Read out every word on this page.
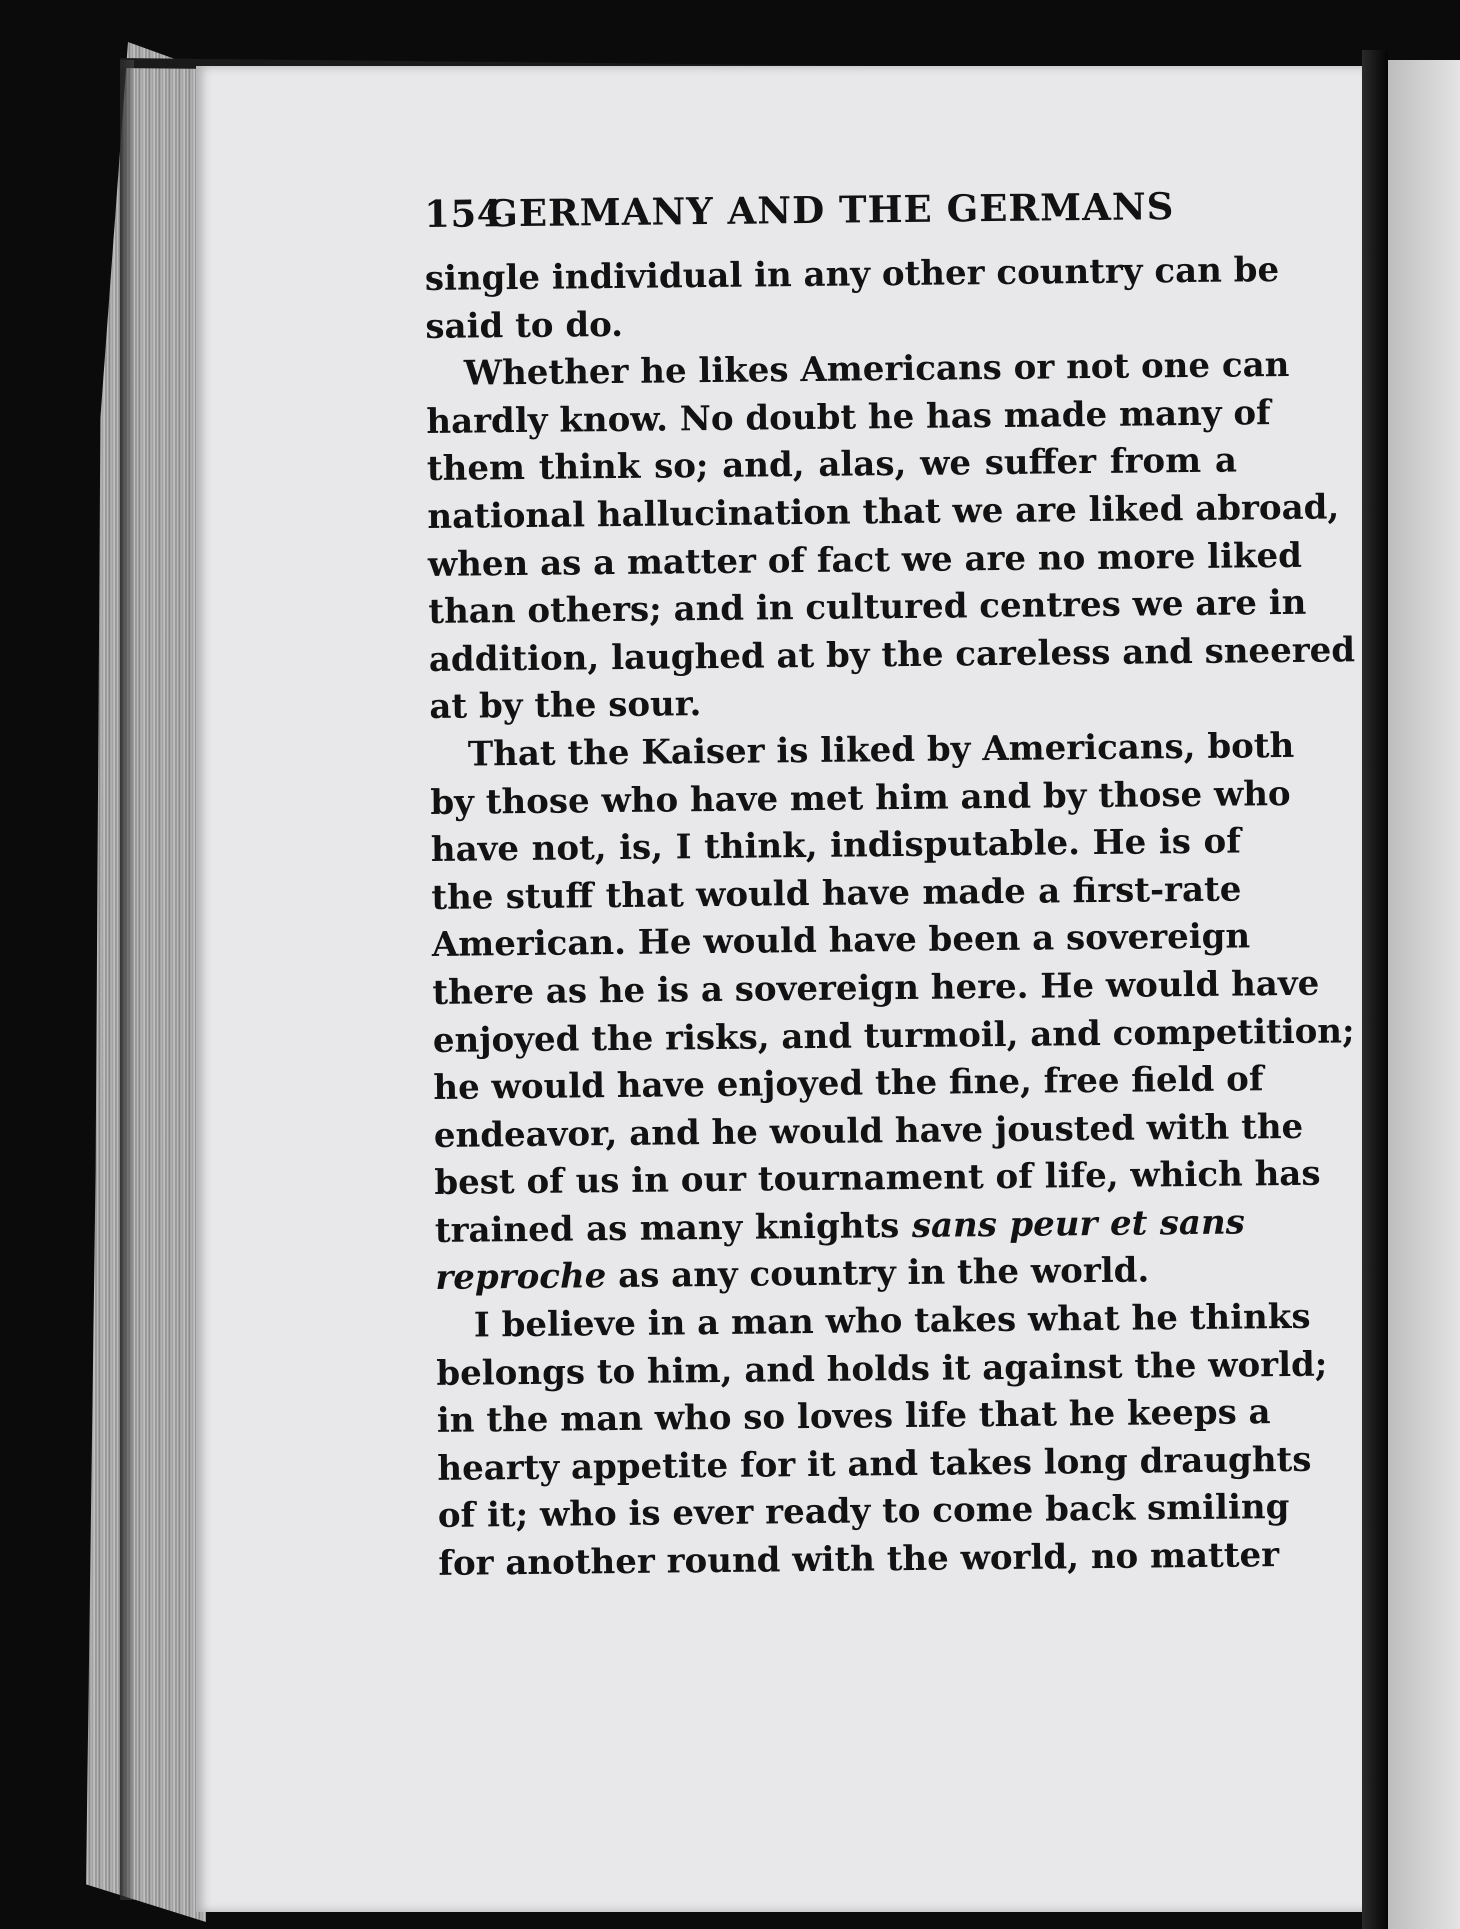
154
GERMANY AND THE GERMANS
single individual in any other country can be
said to do.
Whether he likes Americans or not one can
hardly know. No doubt he has made many of
them think so; and, alas, we suffer from a
national hallucination that we are liked abroad,
when as a matter of fact we are no more liked
than others; and in cultured centres we are in
addition, laughed at by the careless and sneered
at by the sour.
That the Kaiser is liked by Americans, both
by those who have met him and by those who
have not, is, I think, indisputable. He is of
the stuff that would have made a first-rate
American. He would have been a sovereign
there as he is a sovereign here. He would have
enjoyed the risks, and turmoil, and competition;
he would have enjoyed the fine, free field of
endeavor, and he would have jousted with the
best of us in our tournament of life, which has
trained as many knights sans peur et sans
reproche as any country in the world.
I believe in a man who takes what he thinks
belongs to him, and holds it against the world;
in the man who so loves life that he keeps a
hearty appetite for it and takes long draughts
of it; who is ever ready to come back smiling
for another round with the world, no matter
